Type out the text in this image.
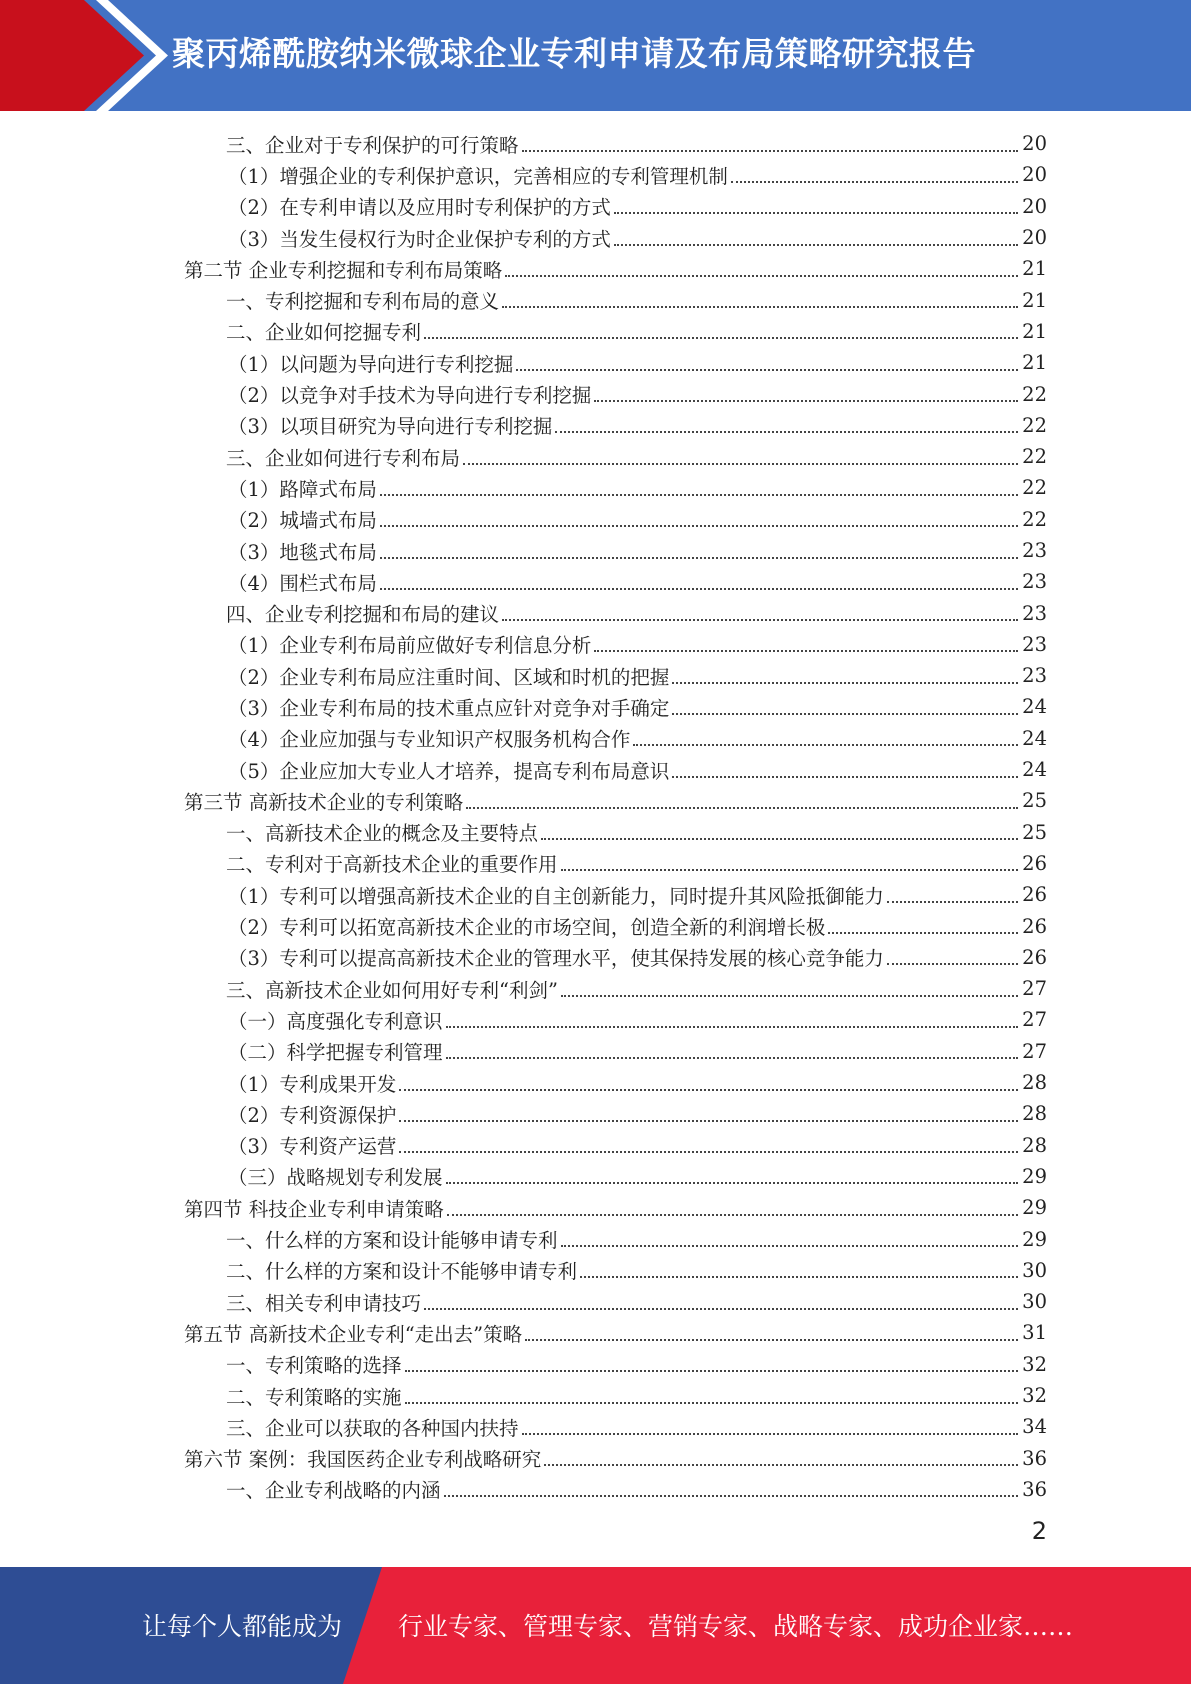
聚丙烯酰胺纳米微球企业专利申请及布局策略研究报告
三、企业对于专利保护的可行策略	20
（1）增强企业的专利保护意识，完善相应的专利管理机制	20
（2）在专利申请以及应用时专利保护的方式	20
（3）当发生侵权行为时企业保护专利的方式	20
第二节 企业专利挖掘和专利布局策略	21
一、专利挖掘和专利布局的意义	21
二、企业如何挖掘专利	21
（1）以问题为导向进行专利挖掘	21
（2）以竞争对手技术为导向进行专利挖掘	22
（3）以项目研究为导向进行专利挖掘	22
三、企业如何进行专利布局	22
（1）路障式布局	22
（2）城墙式布局	22
（3）地毯式布局	23
（4）围栏式布局	23
四、企业专利挖掘和布局的建议	23
（1）企业专利布局前应做好专利信息分析	23
（2）企业专利布局应注重时间、区域和时机的把握	23
（3）企业专利布局的技术重点应针对竞争对手确定	24
（4）企业应加强与专业知识产权服务机构合作	24
（5）企业应加大专业人才培养，提高专利布局意识	24
第三节 高新技术企业的专利策略	25
一、高新技术企业的概念及主要特点	25
二、专利对于高新技术企业的重要作用	26
（1）专利可以增强高新技术企业的自主创新能力，同时提升其风险抵御能力	26
（2）专利可以拓宽高新技术企业的市场空间，创造全新的利润增长极	26
（3）专利可以提高高新技术企业的管理水平，使其保持发展的核心竞争能力	26
三、高新技术企业如何用好专利“利剑”	27
（一）高度强化专利意识	27
（二）科学把握专利管理	27
（1）专利成果开发	28
（2）专利资源保护	28
（3）专利资产运营	28
（三）战略规划专利发展	29
第四节 科技企业专利申请策略	29
一、什么样的方案和设计能够申请专利	29
二、什么样的方案和设计不能够申请专利	30
三、相关专利申请技巧	30
第五节 高新技术企业专利“走出去”策略	31
一、专利策略的选择	32
二、专利策略的实施	32
三、企业可以获取的各种国内扶持	34
第六节 案例：我国医药企业专利战略研究	36
一、企业专利战略的内涵	36
2
让每个人都能成为 行业专家、管理专家、营销专家、战略专家、成功企业家……
